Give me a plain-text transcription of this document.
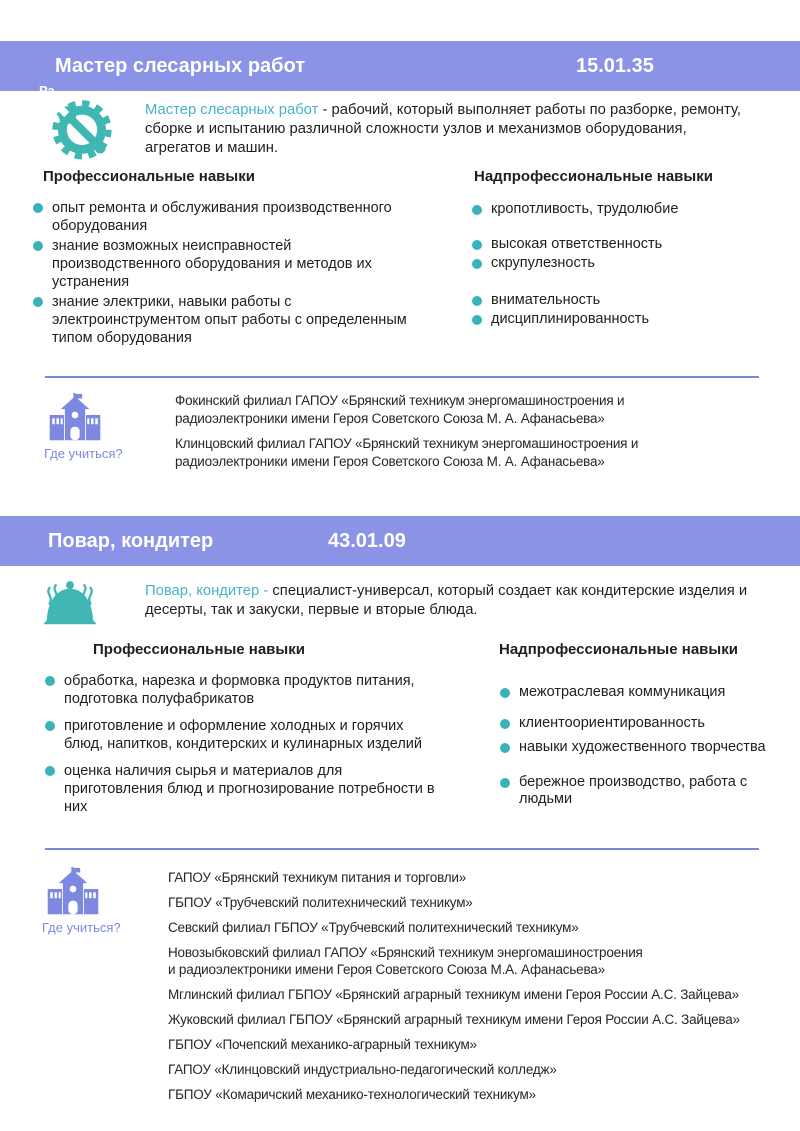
Мастер слесарных работ	15.01.35
Ра

Мастер слесарных работ - рабочий, который выполняет работы по разборке, ремонту, сборке и испытанию различной сложности узлов и механизмов оборудования, агрегатов и машин.

Профессиональные навыки	Надпрофессиональные навыки
опыт ремонта и обслуживания производственного оборудования
знание возможных неисправностей производственного оборудования и методов их устранения
знание электрики, навыки работы с электроинструментом опыт работы с определенным типом оборудования
кропотливость, трудолюбие
высокая ответственность
скрупулезность
внимательность
дисциплинированность
Где учиться?

Фокинский филиал ГАПОУ «Брянский техникум энергомашиностроения и радиоэлектроники имени Героя Советского Союза М. А. Афанасьева»

Клинцовский филиал ГАПОУ «Брянский техникум энергомашиностроения и радиоэлектроники имени Героя Советского Союза М. А. Афанасьева»

Повар, кондитер	43.01.09

Повар, кондитер - специалист-универсал, который создает как кондитерские изделия и десерты, так и закуски, первые и вторые блюда.

Профессиональные навыки	Надпрофессиональные навыки
обработка, нарезка и формовка продуктов питания, подготовка полуфабрикатов
приготовление и оформление холодных и горячих блюд, напитков, кондитерских и кулинарных изделий
оценка наличия сырья и материалов для приготовления блюд и прогнозирование потребности в них
межотраслевая коммуникация
клиентоориентированность
навыки художественного творчества
бережное производство, работа с людьми
Где учиться?

ГАПОУ «Брянский техникум питания и торговли»

ГБПОУ «Трубчевский политехнический техникум»

Севский филиал ГБПОУ «Трубчевский политехнический техникум»

Новозыбковский филиал ГАПОУ «Брянский техникум энергомашиностроения и радиоэлектроники имени Героя Советского Союза М.А. Афанасьева»

Мглинский филиал ГБПОУ «Брянский аграрный техникум имени Героя России А.С. Зайцева»

Жуковский филиал ГБПОУ «Брянский аграрный техникум имени Героя России А.С. Зайцева»

ГБПОУ «Почепский механико-аграрный техникум»

ГАПОУ «Клинцовский индустриально-педагогический колледж»

ГБПОУ «Комаричский механико-технологический техникум»
